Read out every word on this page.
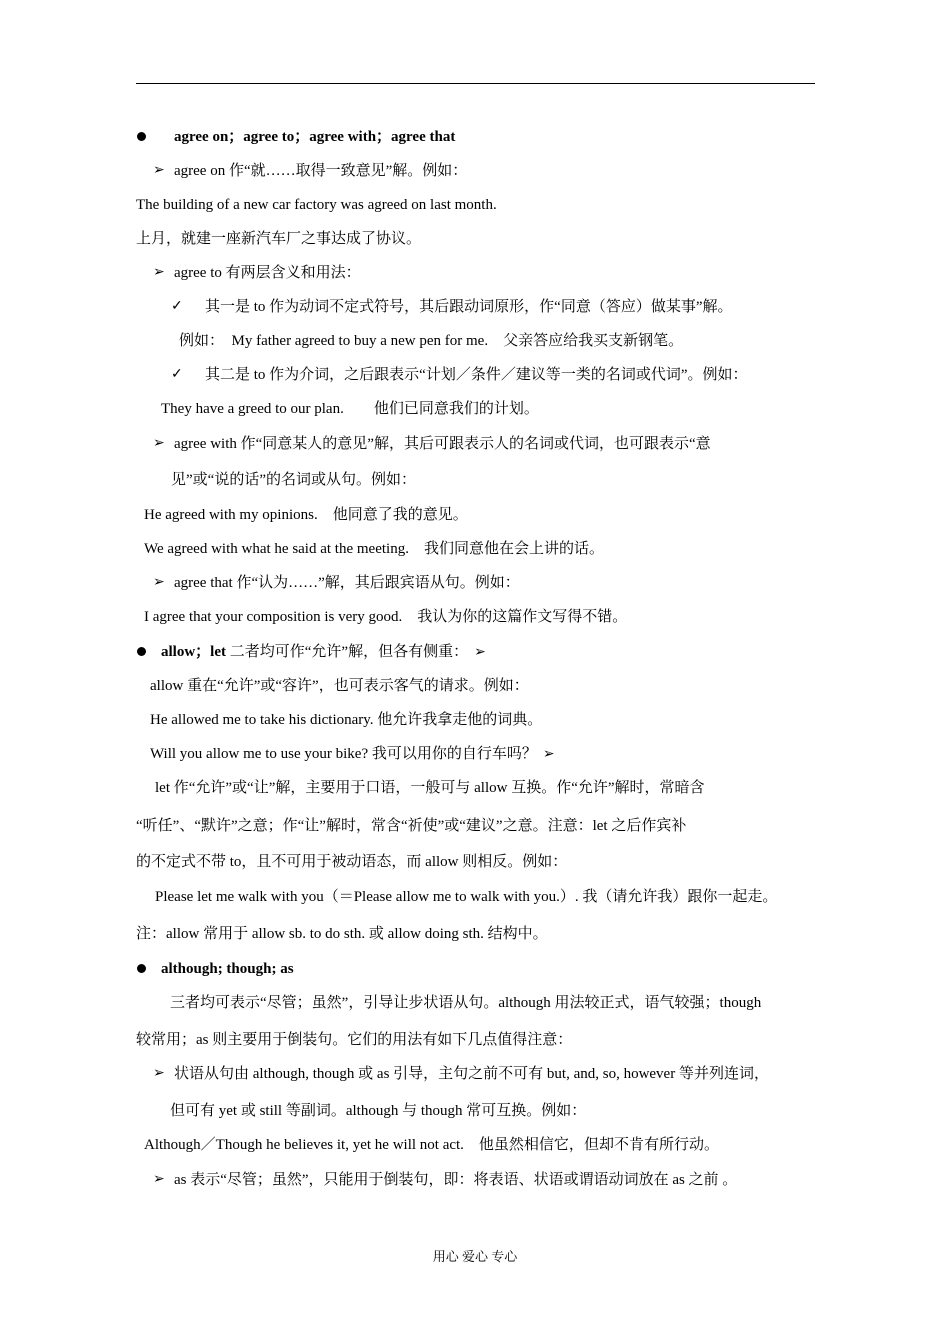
agree on；agree to；agree with；agree that
➢ agree on 作“就……取得一致意见”解。例如：
The building of a new car factory was agreed on last month.
上月，就建一座新汽车厂之事达成了协议。
➢ agree to 有两层含义和用法：
✓ 其一是 to 作为动词不定式符号，其后跟动词原形，作“同意（答应）做某事”解。
例如：　My father agreed to buy a new pen for me.　父亲答应给我买支新钢笔。
✓ 其二是 to 作为介词，之后跟表示“计划／条件／建议等一类的名词或代词”。例如：
They have a greed to our plan.　　他们已同意我们的计划。
➢ agree with 作“同意某人的意见”解，其后可跟表示人的名词或代词，也可跟表示“意
见”或“说的话”的名词或从句。例如：
He agreed with my opinions.　他同意了我的意见。
We agreed with what he said at the meeting.　我们同意他在会上讲的话。
➢ agree that 作“认为……”解，其后跟宾语从句。例如：
I agree that your composition is very good.　我认为你的这篇作文写得不错。
allow；let 二者均可作“允许”解，但各有侧重： ➢
allow 重在“允许”或“容许”，也可表示客气的请求。例如：
He allowed me to take his dictionary. 他允许我拿走他的词典。
Will you allow me to use your bike? 我可以用你的自行车吗？ ➢
let 作“允许”或“让”解，主要用于口语，一般可与 allow 互换。作“允许”解时，常暗含
“听任”、“默许”之意；作“让”解时，常含“祈使”或“建议”之意。注意：let 之后作宾补
的不定式不带 to，且不可用于被动语态，而 allow 则相反。例如：
Please let me walk with you（＝Please allow me to walk with you.）. 我（请允许我）跟你一起走。
注：allow 常用于 allow sb. to do sth. 或 allow doing sth. 结构中。
although; though; as
三者均可表示“尽管；虽然”，引导让步状语从句。although 用法较正式，语气较强；though
较常用；as 则主要用于倒装句。它们的用法有如下几点值得注意：
➢ 状语从句由 although, though 或 as 引导，主句之前不可有 but, and, so, however 等并列连词，
但可有 yet 或 still 等副词。although 与 though 常可互换。例如：
Although／Though he believes it, yet he will not act.　他虽然相信它，但却不肯有所行动。
➢ as 表示“尽管；虽然”，只能用于倒装句，即：将表语、状语或谓语动词放在 as 之前 。
用心 爱心 专心
